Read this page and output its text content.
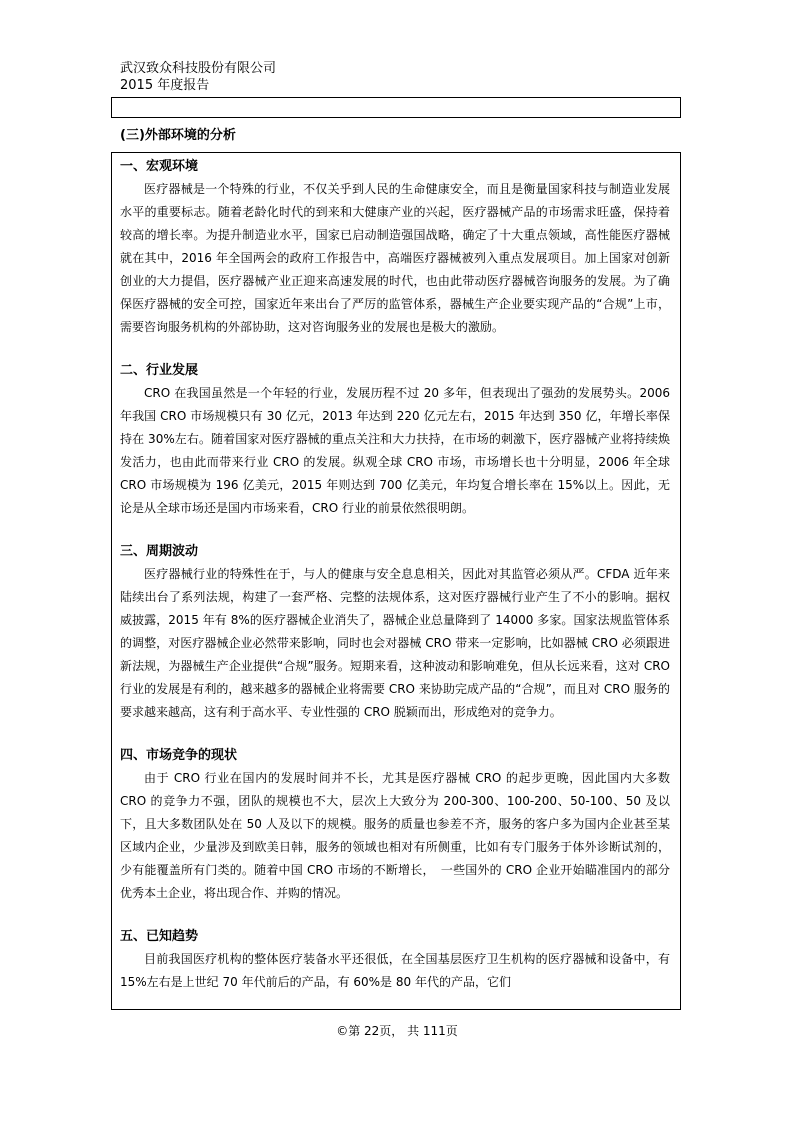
武汉致众科技股份有限公司
2015 年度报告
(三)外部环境的分析
一、宏观环境

医疗器械是一个特殊的行业，不仅关乎到人民的生命健康安全，而且是衡量国家科技与制造业发展水平的重要标志。随着老龄化时代的到来和大健康产业的兴起，医疗器械产品的市场需求旺盛，保持着较高的增长率。为提升制造业水平，国家已启动制造强国战略，确定了十大重点领域，高性能医疗器械就在其中，2016 年全国两会的政府工作报告中，高端医疗器械被列入重点发展项目。加上国家对创新创业的大力提倡，医疗器械产业正迎来高速发展的时代，也由此带动医疗器械咨询服务的发展。为了确保医疗器械的安全可控，国家近年来出台了严厉的监管体系，器械生产企业要实现产品的“合规”上市，需要咨询服务机构的外部协助，这对咨询服务业的发展也是极大的激励。

二、行业发展

CRO 在我国虽然是一个年轻的行业，发展历程不过 20 多年，但表现出了强劲的发展势头。2006 年我国 CRO 市场规模只有 30 亿元，2013 年达到 220 亿元左右，2015 年达到 350 亿，年增长率保持在 30%左右。随着国家对医疗器械的重点关注和大力扶持，在市场的刺激下，医疗器械产业将持续焕发活力，也由此而带来行业 CRO 的发展。纵观全球 CRO 市场，市场增长也十分明显，2006 年全球 CRO 市场规模为 196 亿美元，2015 年则达到 700 亿美元，年均复合增长率在 15%以上。因此，无论是从全球市场还是国内市场来看，CRO 行业的前景依然很明朗。

三、周期波动

医疗器械行业的特殊性在于，与人的健康与安全息息相关，因此对其监管必须从严。CFDA 近年来陆续出台了系列法规，构建了一套严格、完整的法规体系，这对医疗器械行业产生了不小的影响。据权威披露，2015 年有 8%的医疗器械企业消失了，器械企业总量降到了 14000 多家。国家法规监管体系的调整，对医疗器械企业必然带来影响，同时也会对器械 CRO 带来一定影响，比如器械 CRO 必须跟进新法规，为器械生产企业提供“合规”服务。短期来看，这种波动和影响难免，但从长远来看，这对 CRO 行业的发展是有利的，越来越多的器械企业将需要 CRO 来协助完成产品的“合规”，而且对 CRO 服务的要求越来越高，这有利于高水平、专业性强的 CRO 脱颖而出，形成绝对的竞争力。

四、市场竞争的现状

由于 CRO 行业在国内的发展时间并不长，尤其是医疗器械 CRO 的起步更晚，因此国内大多数 CRO 的竞争力不强，团队的规模也不大，层次上大致分为 200-300、100-200、50-100、50 及以下，且大多数团队处在 50 人及以下的规模。服务的质量也参差不齐，服务的客户多为国内企业甚至某区域内企业，少量涉及到欧美日韩，服务的领域也相对有所侧重，比如有专门服务于体外诊断试剂的，少有能覆盖所有门类的。随着中国 CRO 市场的不断增长，　一些国外的 CRO 企业开始瞄准国内的部分优秀本土企业，将出现合作、并购的情况。

五、已知趋势

目前我国医疗机构的整体医疗装备水平还很低，在全国基层医疗卫生机构的医疗器械和设备中，有 15%左右是上世纪 70 年代前后的产品，有 60%是 80 年代的产品，它们

©第 22页， 共 111页
